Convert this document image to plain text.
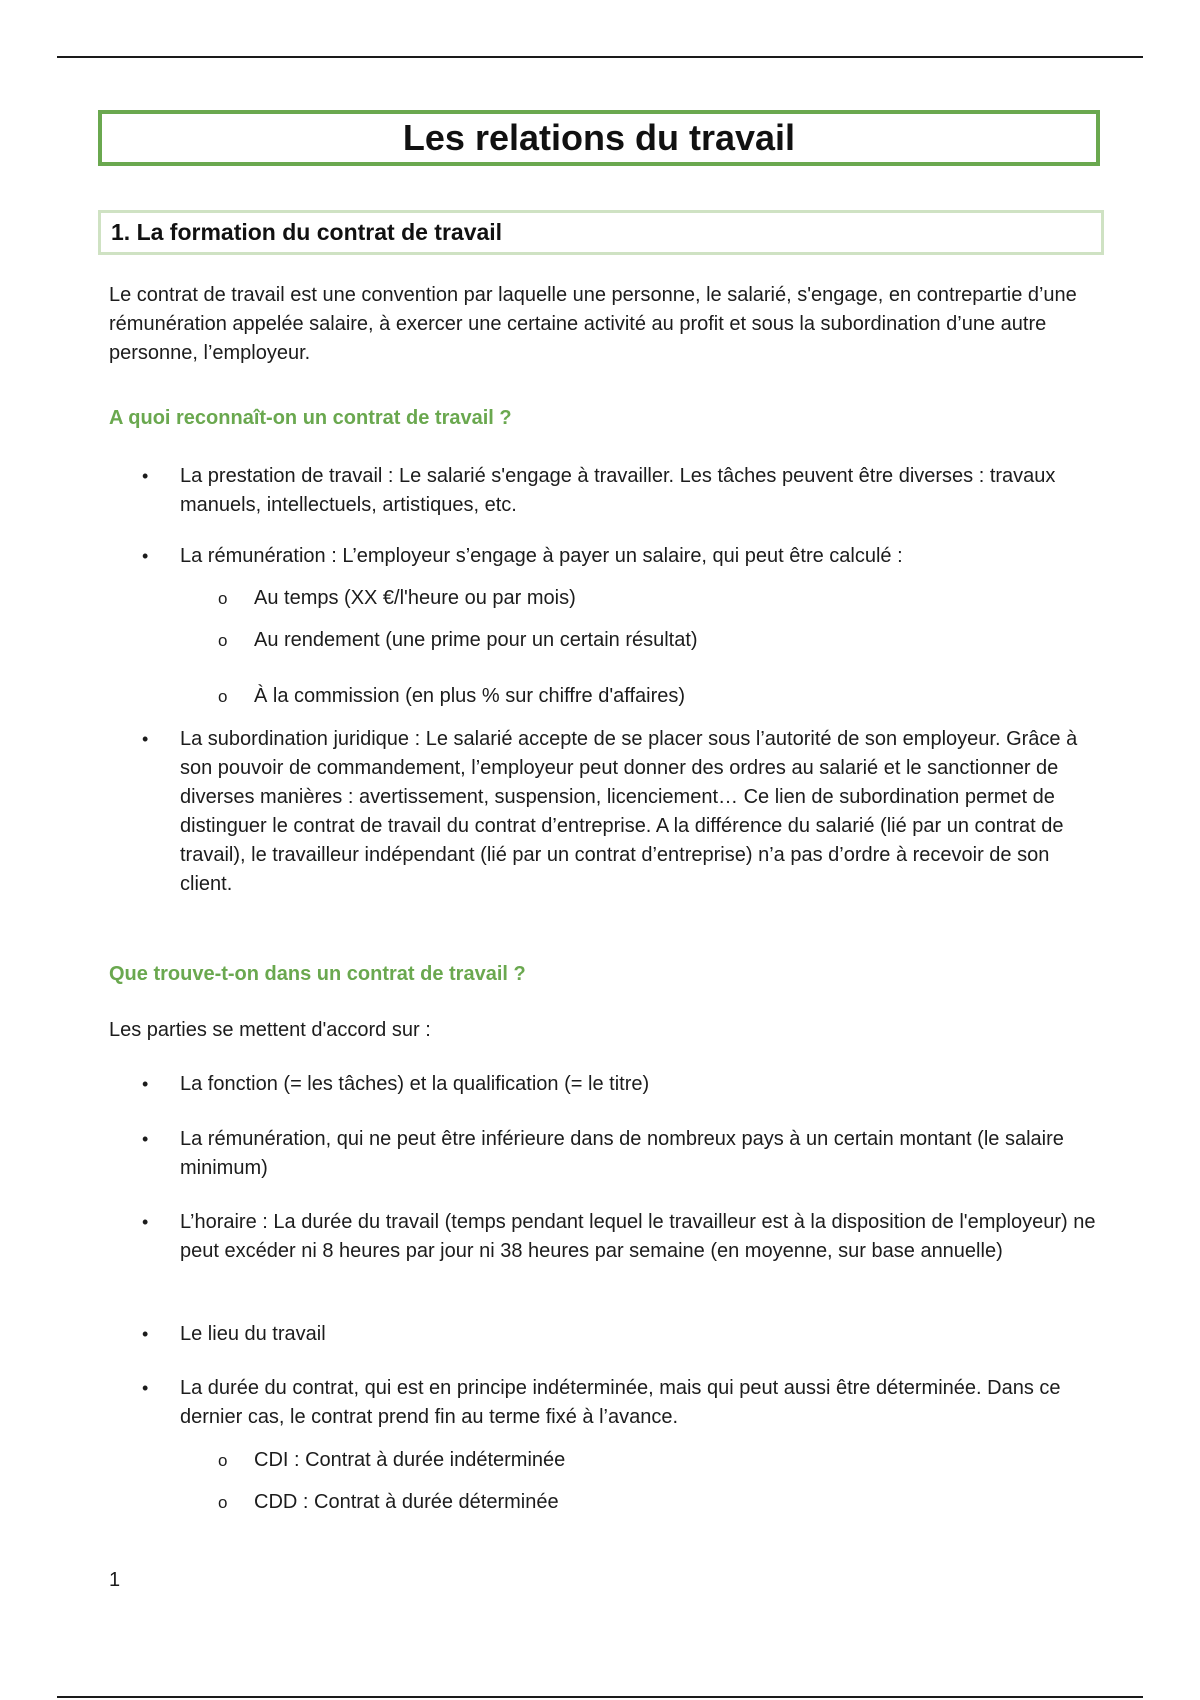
Les relations du travail
1. La formation du contrat de travail
Le contrat de travail est une convention par laquelle une personne, le salarié, s'engage, en contrepartie d’une rémunération appelée salaire, à exercer une certaine activité au profit et sous la subordination d’une autre personne, l’employeur.
A quoi reconnaît-on un contrat de travail ?
• La prestation de travail : Le salarié s'engage à travailler. Les tâches peuvent être diverses : travaux manuels, intellectuels, artistiques, etc.
• La rémunération : L’employeur s’engage à payer un salaire, qui peut être calculé :
o Au temps (XX €/l'heure ou par mois)
o Au rendement (une prime pour un certain résultat)
o À la commission (en plus % sur chiffre d'affaires)
• La subordination juridique : Le salarié accepte de se placer sous l’autorité de son employeur. Grâce à son pouvoir de commandement, l’employeur peut donner des ordres au salarié et le sanctionner de diverses manières : avertissement, suspension, licenciement… Ce lien de subordination permet de distinguer le contrat de travail du contrat d’entreprise. A la différence du salarié (lié par un contrat de travail), le travailleur indépendant (lié par un contrat d’entreprise) n’a pas d’ordre à recevoir de son client.
Que trouve-t-on dans un contrat de travail ?
Les parties se mettent d'accord sur :
• La fonction (= les tâches) et la qualification (= le titre)
• La rémunération, qui ne peut être inférieure dans de nombreux pays à un certain montant (le salaire minimum)
• L’horaire : La durée du travail (temps pendant lequel le travailleur est à la disposition de l'employeur) ne peut excéder ni 8 heures par jour ni 38 heures par semaine (en moyenne, sur base annuelle)
• Le lieu du travail
• La durée du contrat, qui est en principe indéterminée, mais qui peut aussi être déterminée. Dans ce dernier cas, le contrat prend fin au terme fixé à l’avance.
o CDI : Contrat à durée indéterminée
o CDD : Contrat à durée déterminée
1
